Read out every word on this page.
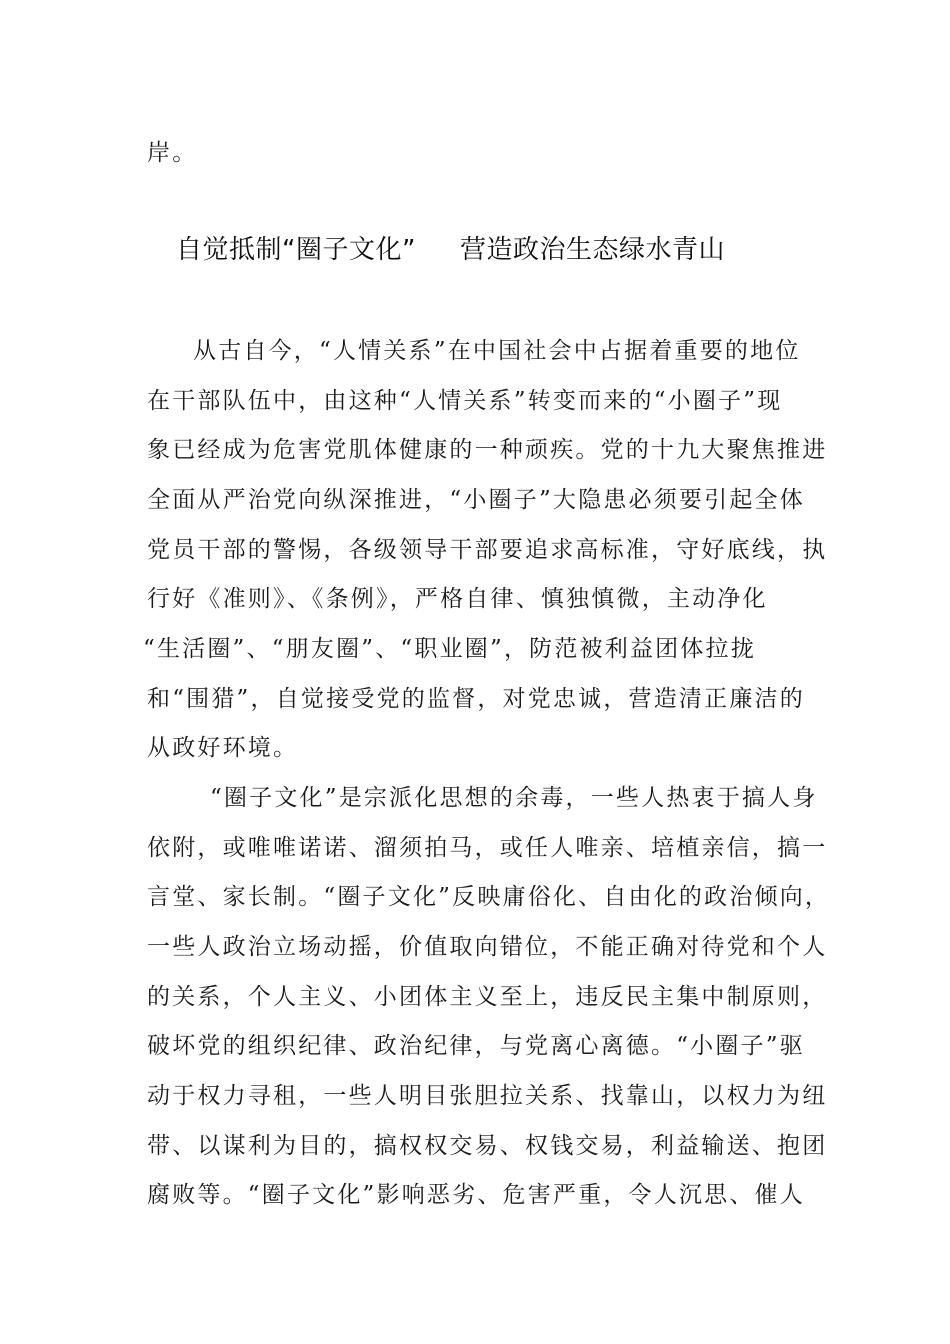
岸。
自觉抵制“圈子文化” 营造政治生态绿水青山
从古自今，“人情关系”在中国社会中占据着重要的地位
在干部队伍中，由这种“人情关系”转变而来的“小圈子”现
象已经成为危害党肌体健康的一种顽疾。党的十九大聚焦推进
全面从严治党向纵深推进，“小圈子”大隐患必须要引起全体
党员干部的警惕，各级领导干部要追求高标准，守好底线，执
行好《准则》、《条例》，严格自律、慎独慎微，主动净化
“生活圈”、“朋友圈”、“职业圈”，防范被利益团体拉拢
和“围猎”，自觉接受党的监督，对党忠诚，营造清正廉洁的
从政好环境。
“圈子文化”是宗派化思想的余毒，一些人热衷于搞人身
依附，或唯唯诺诺、溜须拍马，或任人唯亲、培植亲信，搞一
言堂、家长制。“圈子文化”反映庸俗化、自由化的政治倾向，
一些人政治立场动摇，价值取向错位，不能正确对待党和个人
的关系，个人主义、小团体主义至上，违反民主集中制原则，
破坏党的组织纪律、政治纪律，与党离心离德。“小圈子”驱
动于权力寻租，一些人明目张胆拉关系、找靠山，以权力为纽
带、以谋利为目的，搞权权交易、权钱交易，利益输送、抱团
腐败等。“圈子文化”影响恶劣、危害严重，令人沉思、催人
